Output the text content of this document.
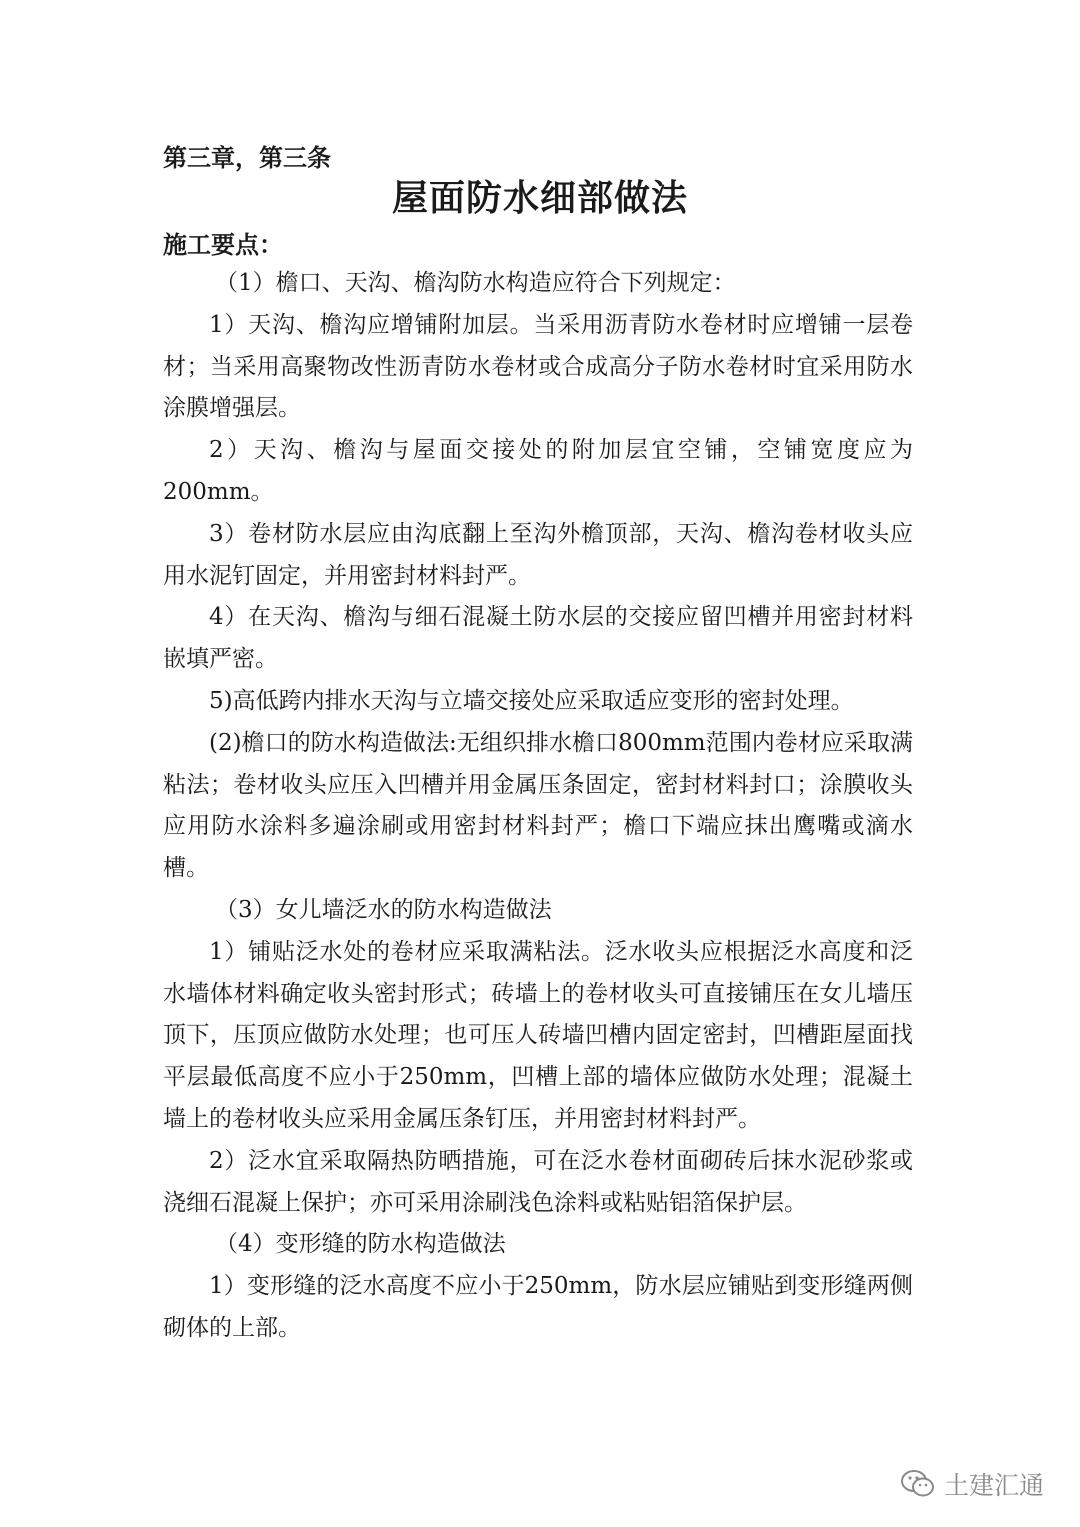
第三章，第三条
屋面防水细部做法
施工要点：

（1）檐口、天沟、檐沟防水构造应符合下列规定：

1）天沟、檐沟应增铺附加层。当采用沥青防水卷材时应增铺一层卷材；当采用高聚物改性沥青防水卷材或合成高分子防水卷材时宜采用防水涂膜增强层。

2）天沟、檐沟与屋面交接处的附加层宜空铺，空铺宽度应为200mm。

3）卷材防水层应由沟底翻上至沟外檐顶部，天沟、檐沟卷材收头应用水泥钉固定，并用密封材料封严。

4）在天沟、檐沟与细石混凝土防水层的交接应留凹槽并用密封材料嵌填严密。

5)高低跨内排水天沟与立墙交接处应采取适应变形的密封处理。

(2)檐口的防水构造做法:无组织排水檐口800mm范围内卷材应采取满粘法；卷材收头应压入凹槽并用金属压条固定，密封材料封口；涂膜收头应用防水涂料多遍涂刷或用密封材料封严；檐口下端应抹出鹰嘴或滴水槽。

（3）女儿墙泛水的防水构造做法

1）铺贴泛水处的卷材应采取满粘法。泛水收头应根据泛水高度和泛水墙体材料确定收头密封形式；砖墙上的卷材收头可直接铺压在女儿墙压顶下，压顶应做防水处理；也可压人砖墙凹槽内固定密封，凹槽距屋面找平层最低高度不应小于250mm，凹槽上部的墙体应做防水处理；混凝土墙上的卷材收头应采用金属压条钉压，并用密封材料封严。

2）泛水宜采取隔热防晒措施，可在泛水卷材面砌砖后抹水泥砂浆或浇细石混凝上保护；亦可采用涂刷浅色涂料或粘贴铝箔保护层。

（4）变形缝的防水构造做法

1）变形缝的泛水高度不应小于250mm，防水层应铺贴到变形缝两侧砌体的上部。

土建汇通
